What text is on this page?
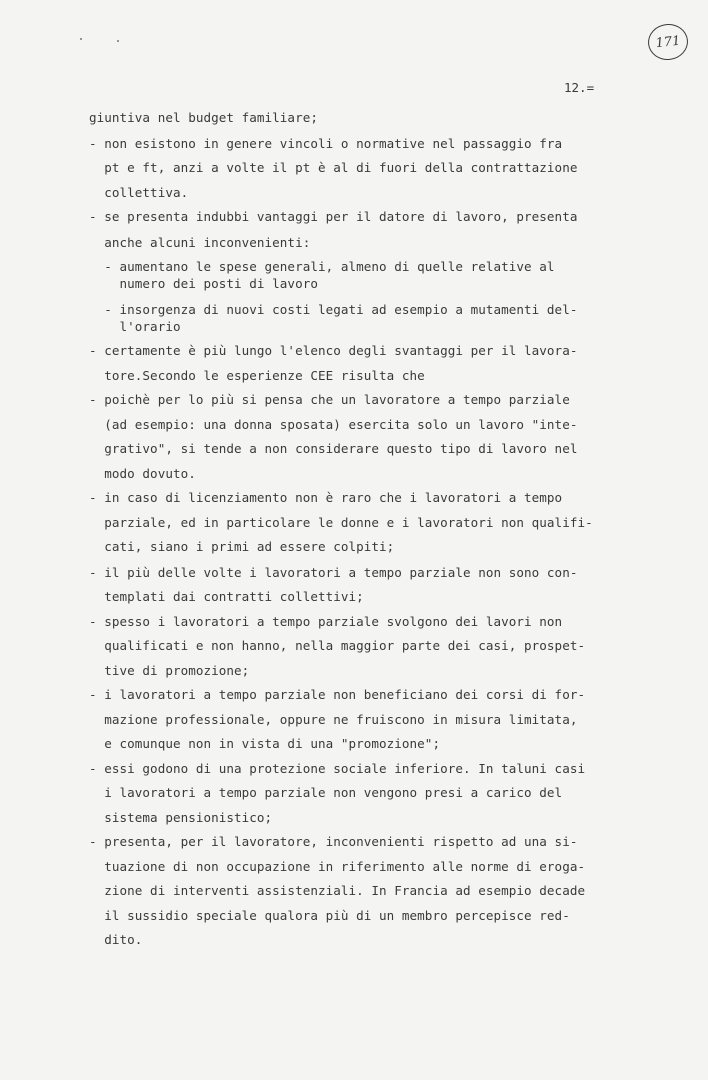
171
12.=
giuntiva nel budget familiare;
- non esistono in genere vincoli o normative nel passaggio fra
pt e ft, anzi a volte il pt è al di fuori della contrattazione
collettiva.
- se presenta indubbi vantaggi per il datore di lavoro, presenta
anche alcuni inconvenienti:
- aumentano le spese generali, almeno di quelle relative al
numero dei posti di lavoro
- insorgenza di nuovi costi legati ad esempio a mutamenti del-
l'orario
- certamente è più lungo l'elenco degli svantaggi per il lavora-
tore.Secondo le esperienze CEE risulta che
- poichè per lo più si pensa che un lavoratore a tempo parziale
(ad esempio: una donna sposata) esercita solo un lavoro "inte-
grativo", si tende a non considerare questo tipo di lavoro nel
modo dovuto.
- in caso di licenziamento non è raro che i lavoratori a tempo
parziale, ed in particolare le donne e i lavoratori non qualifi-
cati, siano i primi ad essere colpiti;
- il più delle volte i lavoratori a tempo parziale non sono con-
templati dai contratti collettivi;
- spesso i lavoratori a tempo parziale svolgono dei lavori non
qualificati e non hanno, nella maggior parte dei casi, prospet-
tive di promozione;
- i lavoratori a tempo parziale non beneficiano dei corsi di for-
mazione professionale, oppure ne fruiscono in misura limitata,
e comunque non in vista di una "promozione";
- essi godono di una protezione sociale inferiore. In taluni casi
i lavoratori a tempo parziale non vengono presi a carico del
sistema pensionistico;
- presenta, per il lavoratore, inconvenienti rispetto ad una si-
tuazione di non occupazione in riferimento alle norme di eroga-
zione di interventi assistenziali. In Francia ad esempio decade
il sussidio speciale qualora più di un membro percepisce red-
dito.
